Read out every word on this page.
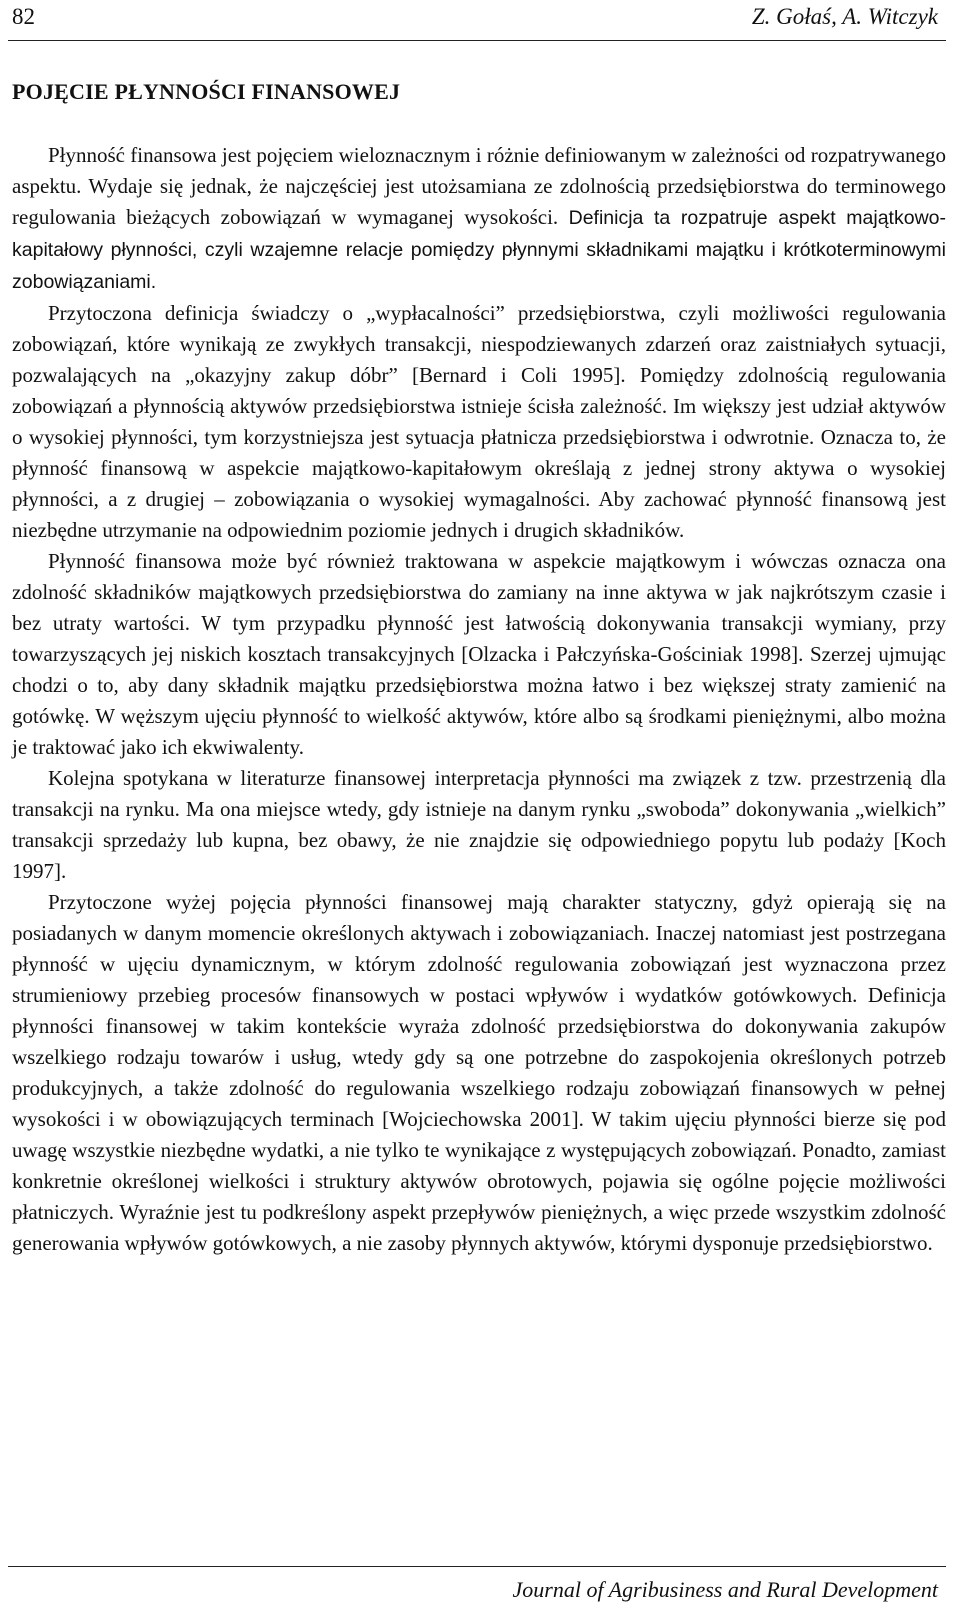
82	Z. Gołaś, A. Witczyk
POJĘCIE PŁYNNOŚCI FINANSOWEJ

Płynność finansowa jest pojęciem wieloznacznym i różnie definiowanym w zależności od rozpatrywanego aspektu. Wydaje się jednak, że najczęściej jest utożsamiana ze zdolnością przedsiębiorstwa do terminowego regulowania bieżących zobowiązań w wymaganej wysokości.

Definicja ta rozpatruje aspekt majątkowo-kapitałowy płynności, czyli wzajemne relacje pomiędzy płynnymi składnikami majątku i krótkoterminowymi zobowiązaniami.

Przytoczona definicja świadczy o „wypłacalności” przedsiębiorstwa, czyli możliwości regulowania zobowiązań, które wynikają ze zwykłych transakcji, niespodziewanych zdarzeń oraz zaistniałych sytuacji, pozwalających na „okazyjny zakup dóbr” [Bernard i Coli 1995]. Pomiędzy zdolnością regulowania zobowiązań a płynnością aktywów przedsiębiorstwa istnieje ścisła zależność. Im większy jest udział aktywów o wysokiej płynności, tym korzystniejsza jest sytuacja płatnicza przedsiębiorstwa i odwrotnie. Oznacza to, że płynność finansową w aspekcie majątkowo-kapitałowym określają z jednej strony aktywa o wysokiej płynności, a z drugiej – zobowiązania o wysokiej wymagalności. Aby zachować płynność finansową jest niezbędne utrzymanie na odpowiednim poziomie jednych i drugich składników.

Płynność finansowa może być również traktowana w aspekcie majątkowym i wówczas oznacza ona zdolność składników majątkowych przedsiębiorstwa do zamiany na inne aktywa w jak najkrótszym czasie i bez utraty wartości. W tym przypadku płynność jest łatwością dokonywania transakcji wymiany, przy towarzyszących jej niskich kosztach transakcyjnych [Olzacka i Pałczyńska-Gościniak 1998]. Szerzej ujmując chodzi o to, aby dany składnik majątku przedsiębiorstwa można łatwo i bez większej straty zamienić na gotówkę. W węższym ujęciu płynność to wielkość aktywów, które albo są środkami pieniężnymi, albo można je traktować jako ich ekwiwalenty.

Kolejna spotykana w literaturze finansowej interpretacja płynności ma związek z tzw. przestrzenią dla transakcji na rynku. Ma ona miejsce wtedy, gdy istnieje na danym rynku „swoboda” dokonywania „wielkich” transakcji sprzedaży lub kupna, bez obawy, że nie znajdzie się odpowiedniego popytu lub podaży [Koch 1997].

Przytoczone wyżej pojęcia płynności finansowej mają charakter statyczny, gdyż opierają się na posiadanych w danym momencie określonych aktywach i zobowiązaniach. Inaczej natomiast jest postrzegana płynność w ujęciu dynamicznym, w którym zdolność regulowania zobowiązań jest wyznaczona przez strumieniowy przebieg procesów finansowych w postaci wpływów i wydatków gotówkowych. Definicja płynności finansowej w takim kontekście wyraża zdolność przedsiębiorstwa do dokonywania zakupów wszelkiego rodzaju towarów i usług, wtedy gdy są one potrzebne do zaspokojenia określonych potrzeb produkcyjnych, a także zdolność do regulowania wszelkiego rodzaju zobowiązań finansowych w pełnej wysokości i w obowiązujących terminach [Wojciechowska 2001]. W takim ujęciu płynności bierze się pod uwagę wszystkie niezbędne wydatki, a nie tylko te wynikające z występujących zobowiązań. Ponadto, zamiast konkretnie określonej wielkości i struktury aktywów obrotowych, pojawia się ogólne pojęcie możliwości płatniczych. Wyraźnie jest tu podkreślony aspekt przepływów pieniężnych, a więc przede wszystkim zdolność generowania wpływów gotówkowych, a nie zasoby płynnych aktywów, którymi dysponuje przedsiębiorstwo.

Journal of Agribusiness and Rural Development
